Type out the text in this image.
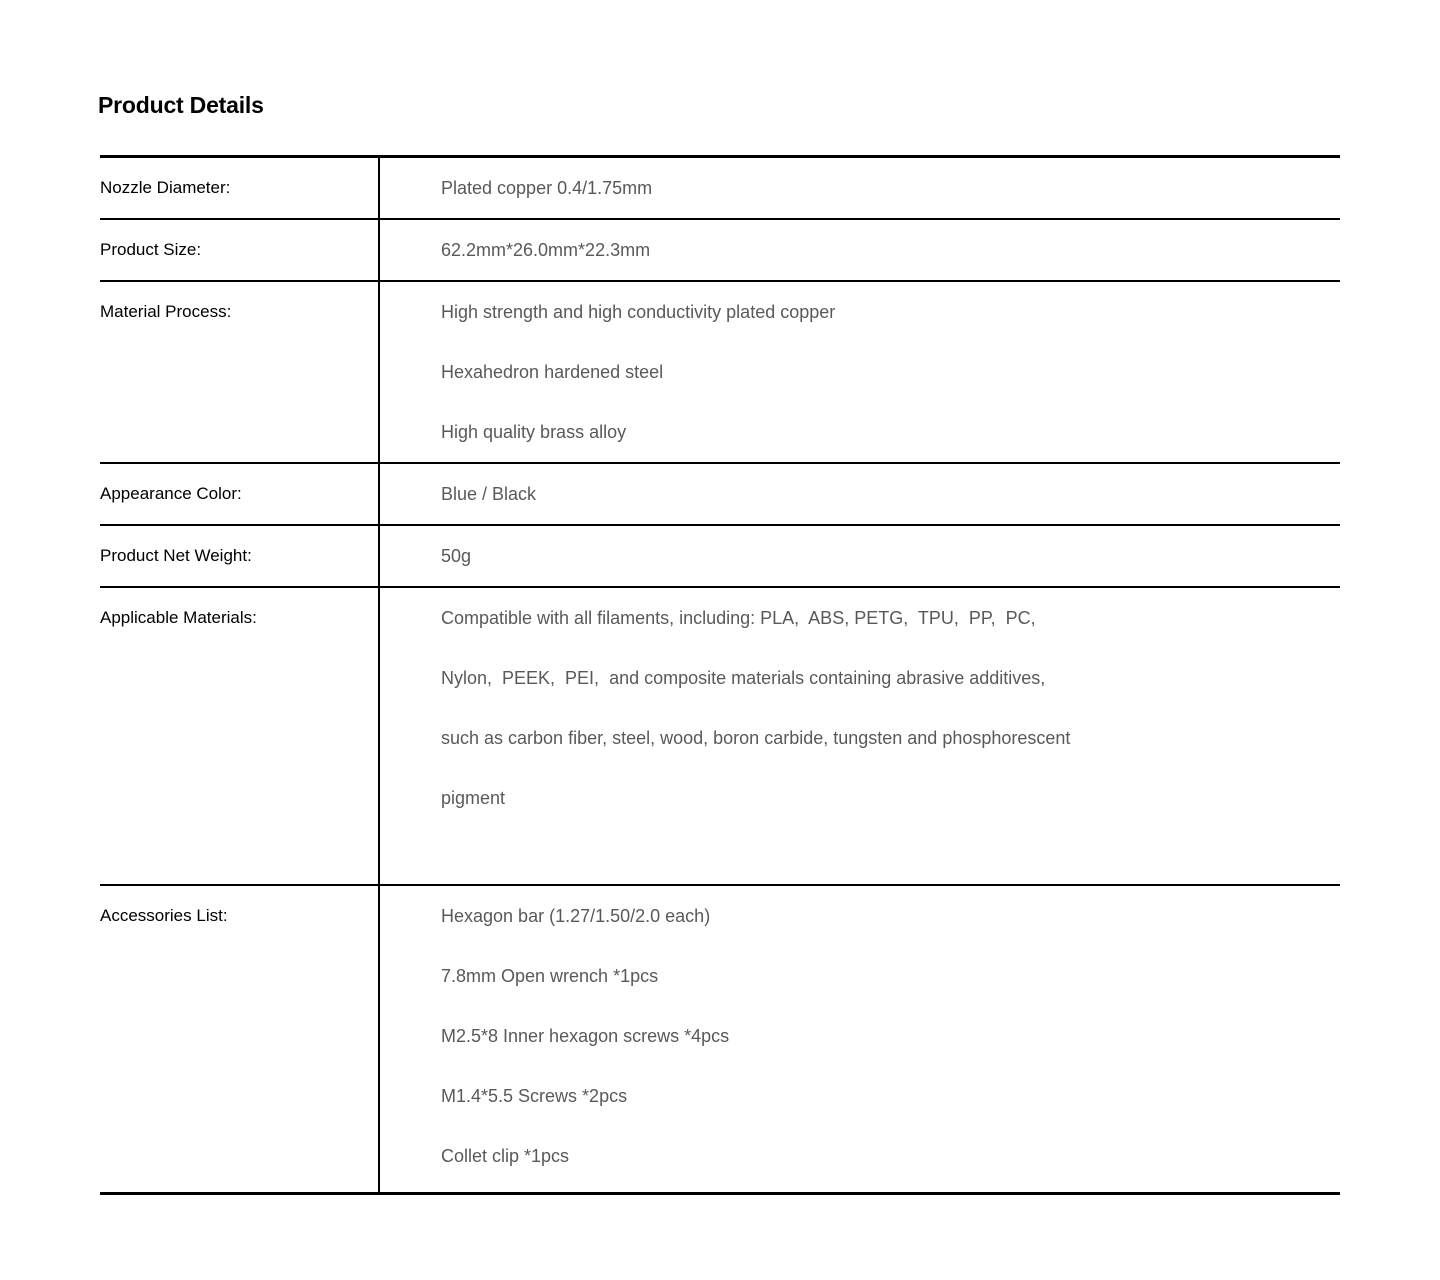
Product Details
Nozzle Diameter:	Plated copper 0.4/1.75mm
Product Size:	62.2mm*26.0mm*22.3mm
Material Process:	High strength and high conductivity plated copper
Hexahedron hardened steel
High quality brass alloy
Appearance Color:	Blue / Black
Product Net Weight:	50g
Applicable Materials:	Compatible with all filaments, including: PLA,  ABS, PETG,  TPU,  PP,  PC,
Nylon,  PEEK,  PEI,  and composite materials containing abrasive additives,
such as carbon fiber, steel, wood, boron carbide, tungsten and phosphorescent
pigment
Accessories List:	Hexagon bar (1.27/1.50/2.0 each)
7.8mm Open wrench *1pcs
M2.5*8 Inner hexagon screws *4pcs
M1.4*5.5 Screws *2pcs
Collet clip *1pcs
